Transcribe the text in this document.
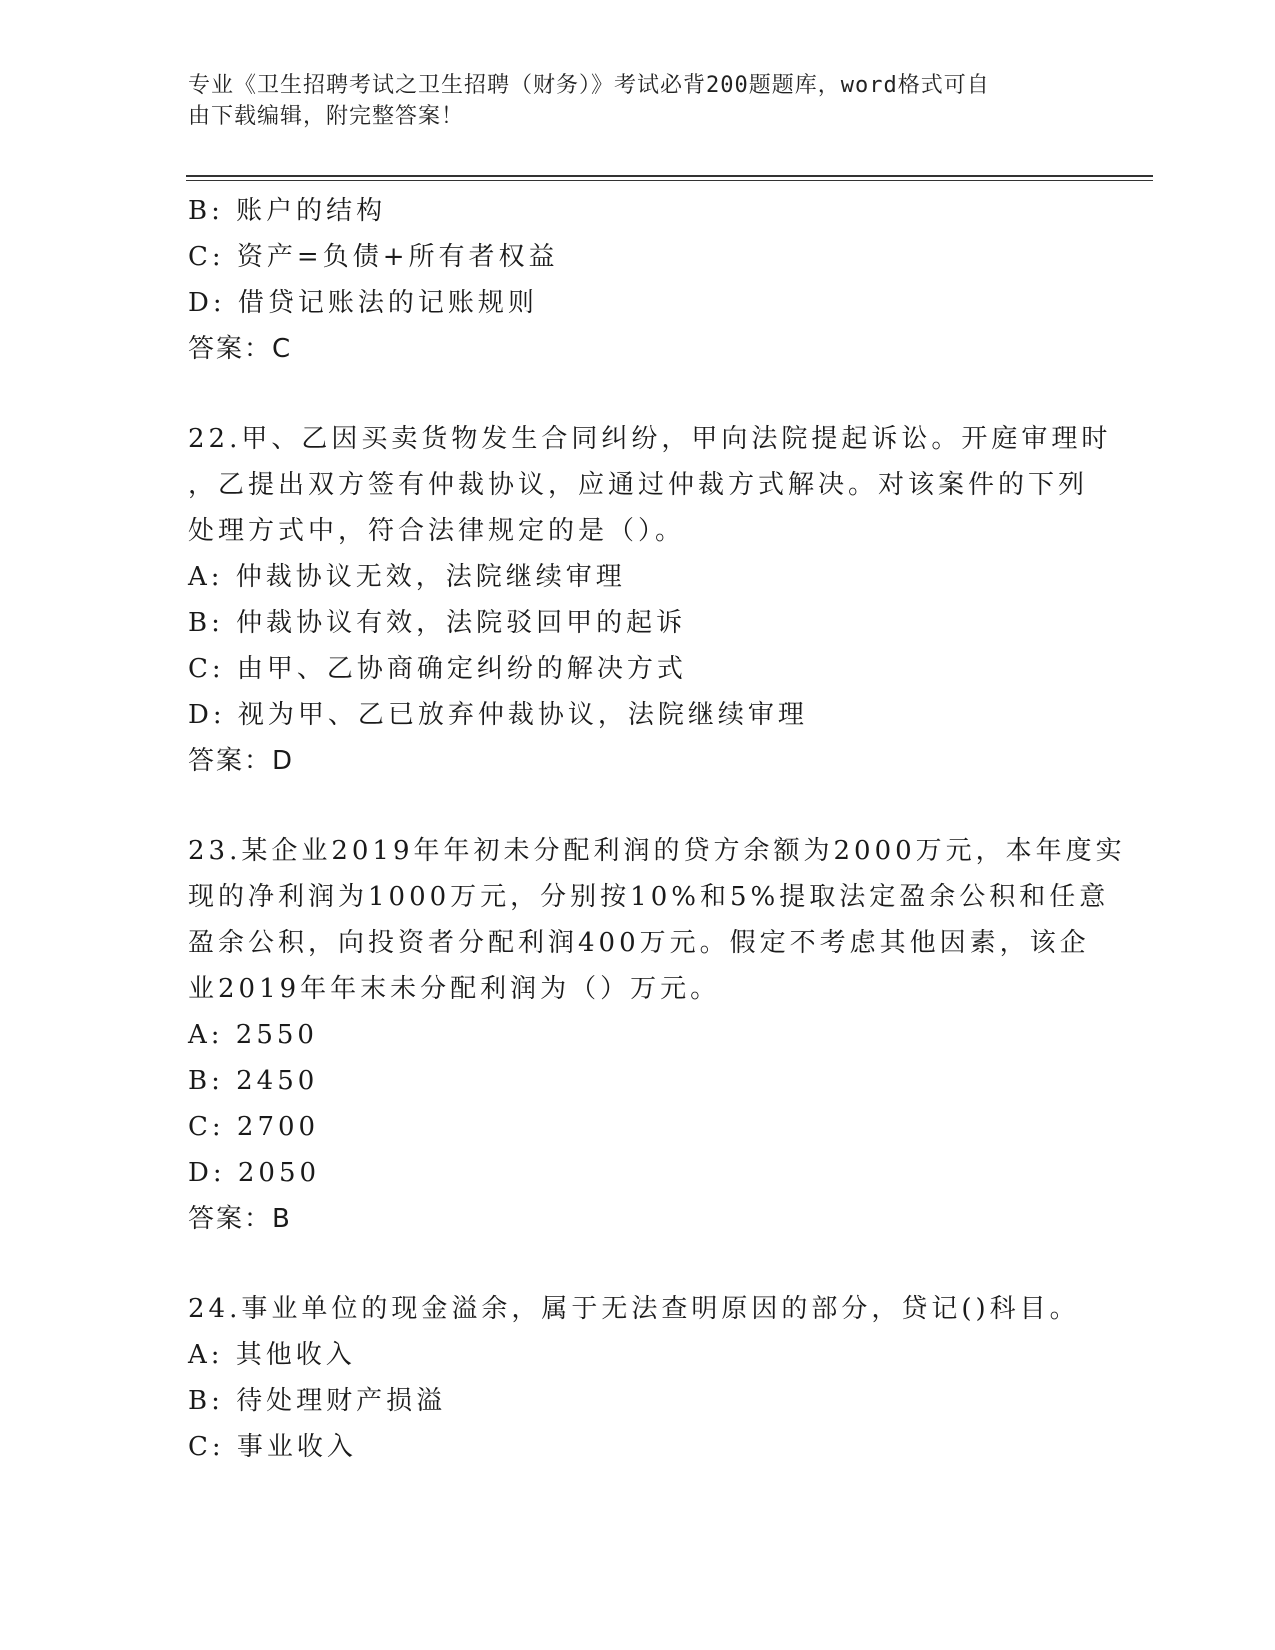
专业《卫生招聘考试之卫生招聘（财务）》考试必背200题题库，word格式可自
由下载编辑，附完整答案！
B: 账户的结构
C: 资产=负债+所有者权益
D: 借贷记账法的记账规则
答案：C
22.甲、乙因买卖货物发生合同纠纷，甲向法院提起诉讼。开庭审理时
，乙提出双方签有仲裁协议，应通过仲裁方式解决。对该案件的下列
处理方式中，符合法律规定的是（）。
A: 仲裁协议无效，法院继续审理
B: 仲裁协议有效，法院驳回甲的起诉
C: 由甲、乙协商确定纠纷的解决方式
D: 视为甲、乙已放弃仲裁协议，法院继续审理
答案：D
23.某企业2019年年初未分配利润的贷方余额为2000万元，本年度实
现的净利润为1000万元，分别按10%和5%提取法定盈余公积和任意
盈余公积，向投资者分配利润400万元。假定不考虑其他因素，该企
业2019年年末未分配利润为（）万元。
A: 2550
B: 2450
C: 2700
D: 2050
答案：B
24.事业单位的现金溢余，属于无法查明原因的部分，贷记()科目。
A: 其他收入
B: 待处理财产损溢
C: 事业收入
